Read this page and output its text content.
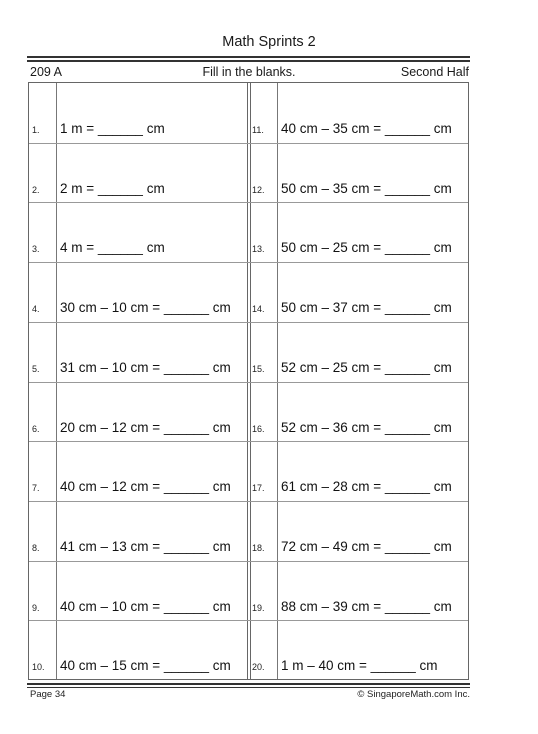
Math Sprints 2
209 A	Fill in the blanks.	Second Half
1. 1 m = ______ cm
2. 2 m = ______ cm
3. 4 m = ______ cm
4. 30 cm – 10 cm = ______ cm
5. 31 cm – 10 cm = ______ cm
6. 20 cm – 12 cm = ______ cm
7. 40 cm – 12 cm = ______ cm
8. 41 cm – 13 cm = ______ cm
9. 40 cm – 10 cm = ______ cm
10. 40 cm – 15 cm = ______ cm
11. 40 cm – 35 cm = ______ cm
12. 50 cm – 35 cm = ______ cm
13. 50 cm – 25 cm = ______ cm
14. 50 cm – 37 cm = ______ cm
15. 52 cm – 25 cm = ______ cm
16. 52 cm – 36 cm = ______ cm
17. 61 cm – 28 cm = ______ cm
18. 72 cm – 49 cm = ______ cm
19. 88 cm – 39 cm = ______ cm
20. 1 m – 40 cm = ______ cm
Page 34	© SingaporeMath.com Inc.
